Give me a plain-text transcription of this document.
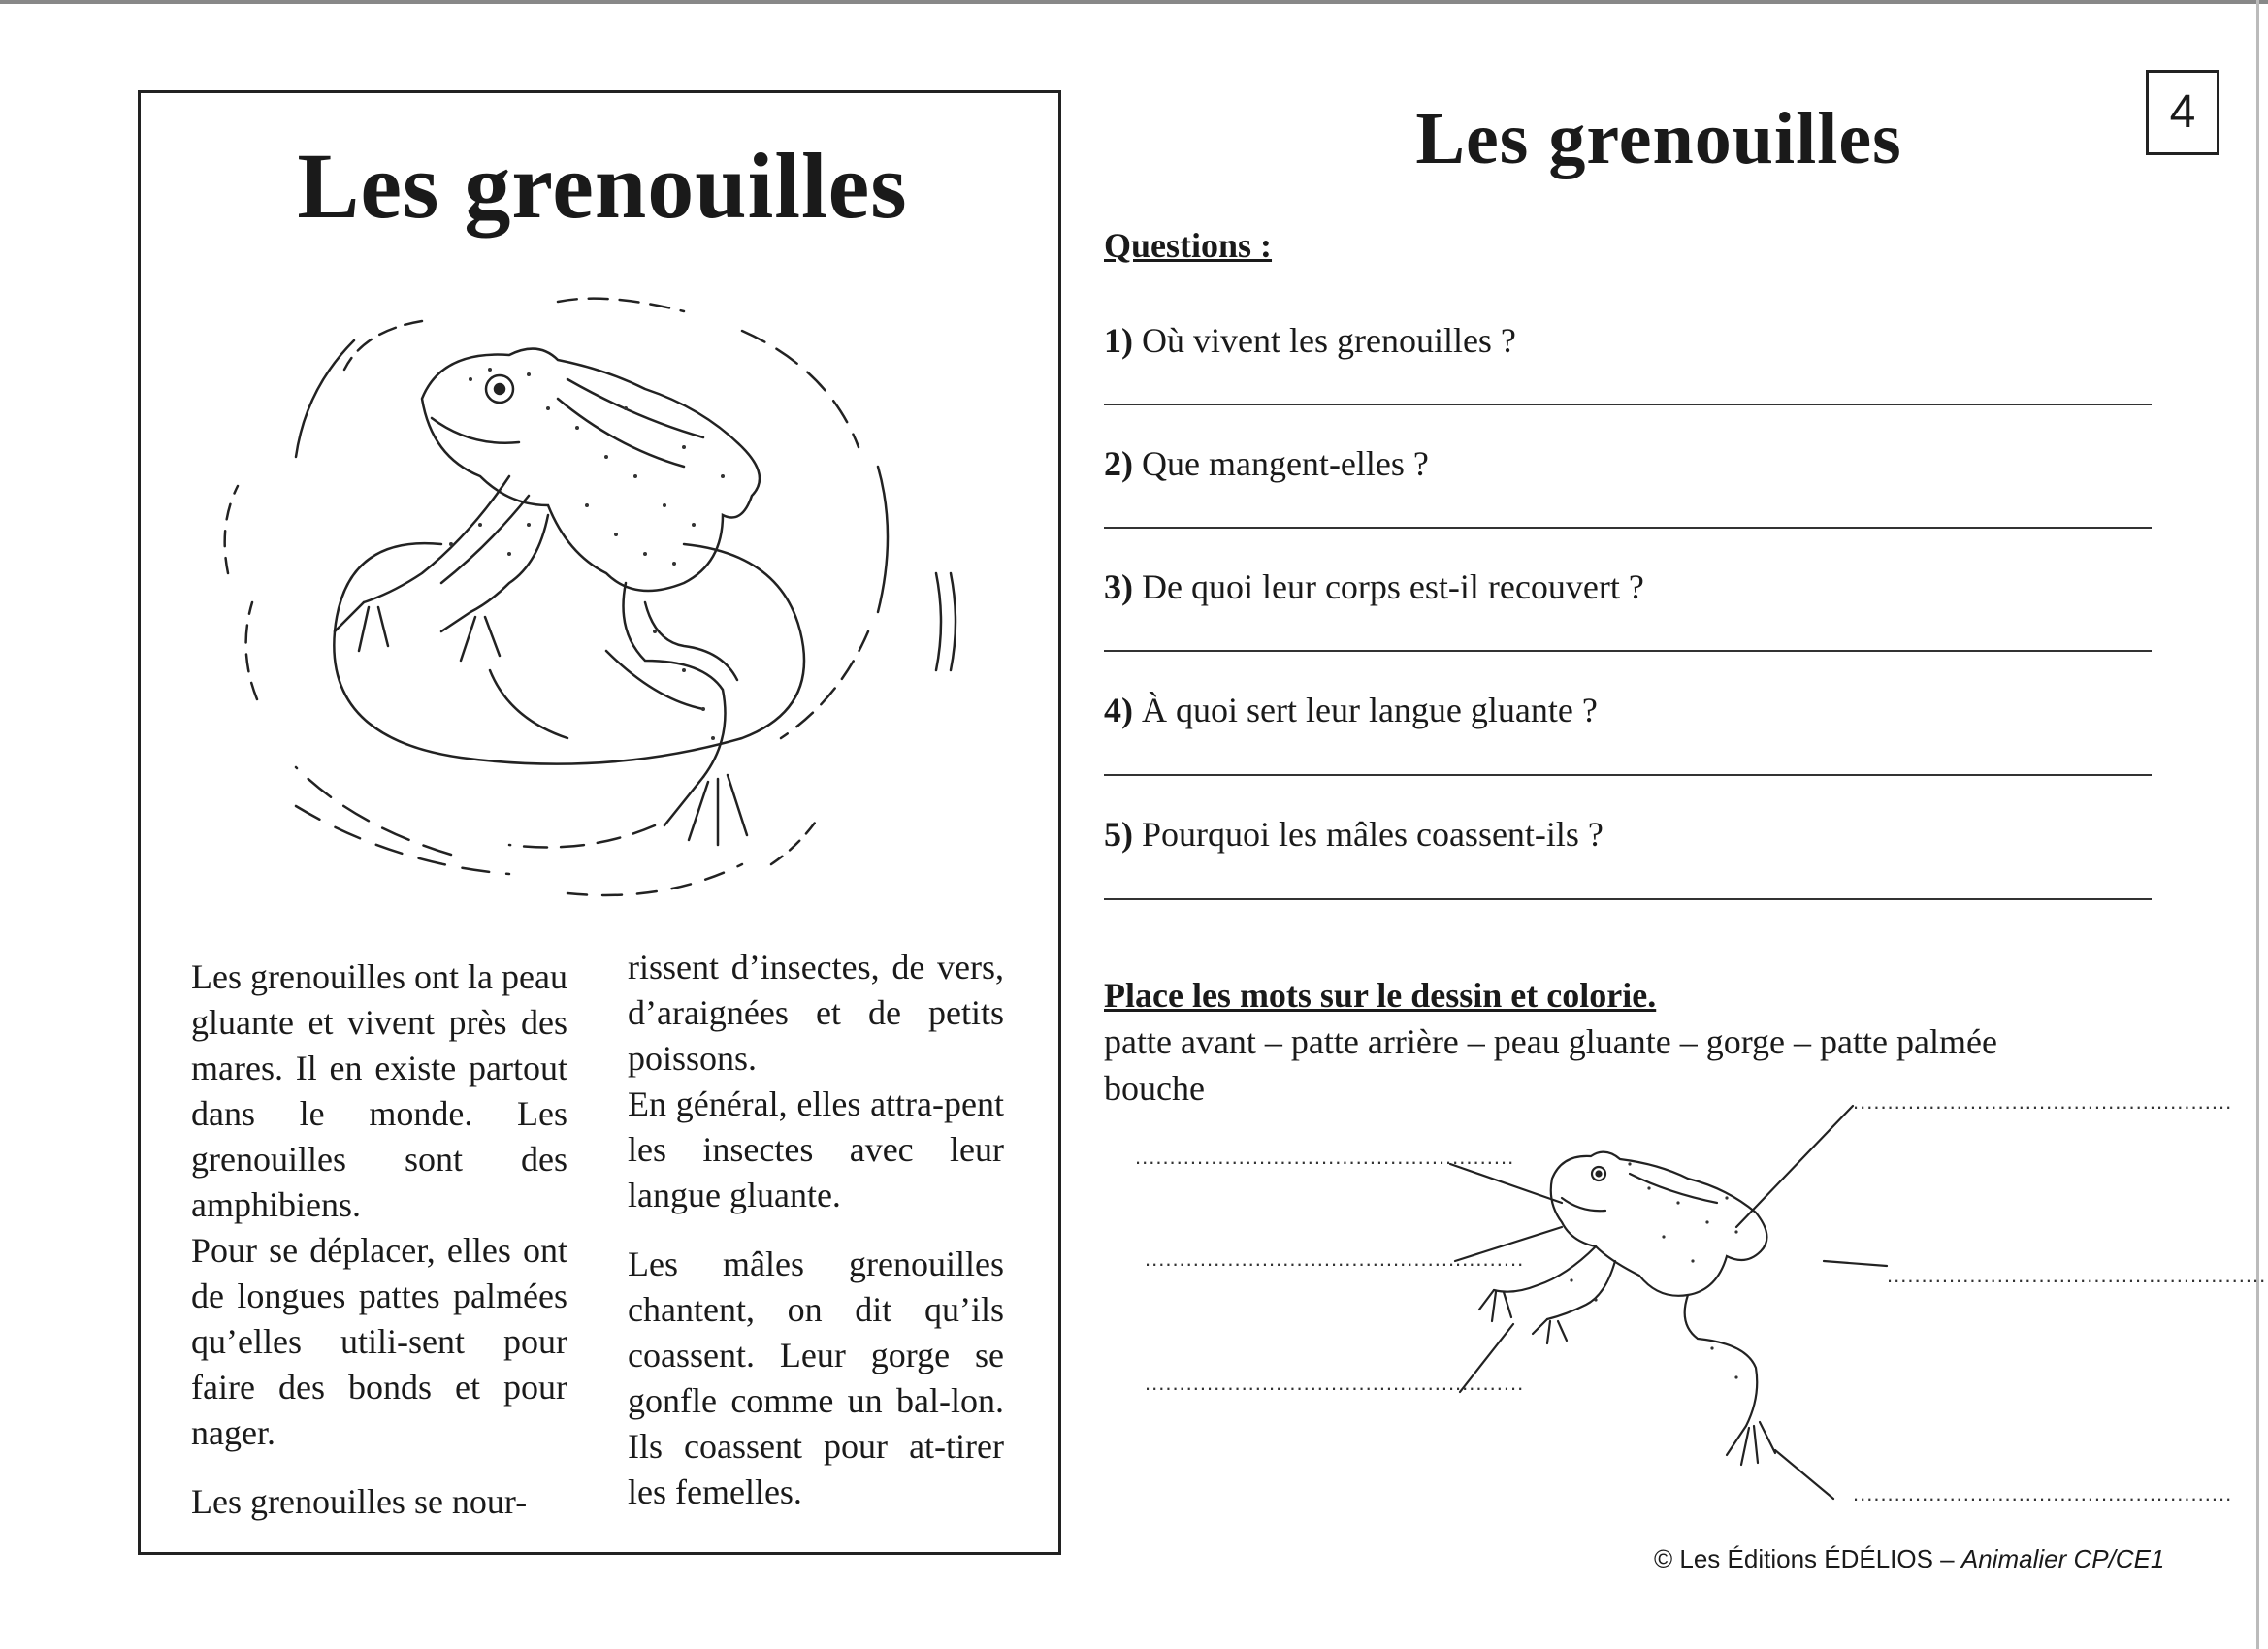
Les grenouilles

Les grenouilles ont la peau gluante et vivent près des mares. Il en existe partout dans le monde. Les grenouilles sont des amphibiens.

Pour se déplacer, elles ont de longues pattes palmées qu’elles utili-sent pour faire des bonds et pour nager.

Les grenouilles se nour-

rissent d’insectes, de vers, d’araignées et de petits poissons.

En général, elles attra-pent les insectes avec leur langue gluante.

Les mâles grenouilles chantent, on dit qu’ils coassent. Leur gorge se gonfle comme un bal-lon. Ils coassent pour at-tirer les femelles.

4
Les grenouilles
Questions :
1) Où vivent les grenouilles ?
2) Que mangent-elles ?
3) De quoi leur corps est-il recouvert ?
4) À quoi sert leur langue gluante ?
5) Pourquoi les mâles coassent-ils ?
Place les mots sur le dessin et colorie.
patte avant – patte arrière – peau gluante – gorge – patte palmée
bouche	.......................................................
.......................................................
.......................................................
.......................................................
.......................................................
.......................................................
© Les Éditions ÉDÉLIOS – Animalier CP/CE1
